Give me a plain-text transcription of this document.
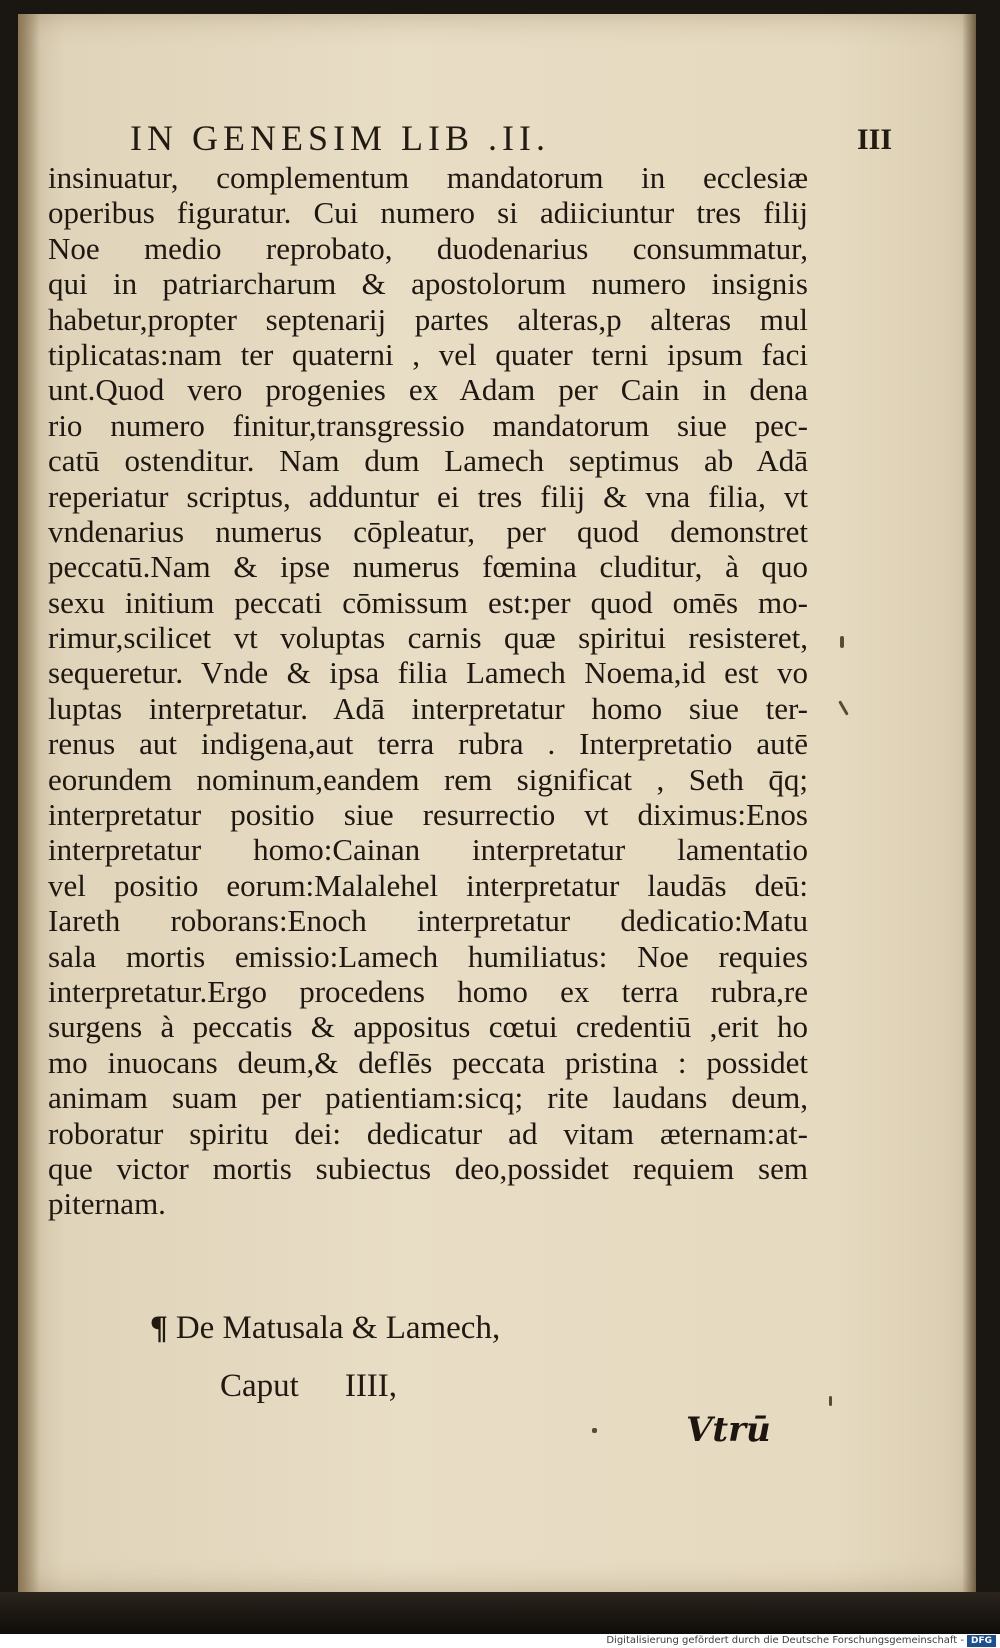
IN GENESIM LIB .II.	III
insinuatur, complementum mandatorum in ecclesiæ
operibus figuratur. Cui numero si adiiciuntur tres filij
Noe medio reprobato, duodenarius consummatur,
qui in patriarcharum & apostolorum numero insignis
habetur,propter septenarij partes alteras,p alteras mul
tiplicatas:nam ter quaterni , vel quater terni ipsum faci
unt.Quod vero progenies ex Adam per Cain in dena
rio numero finitur,transgressio mandatorum siue pec-
catū ostenditur. Nam dum Lamech septimus ab Adā
reperiatur scriptus, adduntur ei tres filij & vna filia, vt
vndenarius numerus cōpleatur, per quod demonstret
peccatū.Nam & ipse numerus fœmina cluditur, à quo
sexu initium peccati cōmissum est:per quod omēs mo-
rimur,scilicet vt voluptas carnis quæ spiritui resisteret,
sequeretur. Vnde & ipsa filia Lamech Noema,id est vo
luptas interpretatur. Adā interpretatur homo siue ter-
renus aut indigena,aut terra rubra . Interpretatio autē
eorundem nominum,eandem rem significat , Seth q̄q;
interpretatur positio siue resurrectio vt diximus:Enos
interpretatur homo:Cainan interpretatur lamentatio
vel positio eorum:Malalehel interpretatur laudās deū:
Iareth roborans:Enoch interpretatur dedicatio:Matu
sala mortis emissio:Lamech humiliatus: Noe requies
interpretatur.Ergo procedens homo ex terra rubra,re
surgens à peccatis & appositus cœtui credentiū ,erit ho
mo inuocans deum,& deflēs peccata pristina : possidet
animam suam per patientiam:sicq; rite laudans deum,
roboratur spiritu dei: dedicatur ad vitam æternam:at-
que victor mortis subiectus deo,possidet requiem sem
piternam.
¶ De Matusala & Lamech,
Caput IIII,
Vtrū
Digitalisierung gefördert durch die Deutsche Forschungsgemeinschaft - DFG
